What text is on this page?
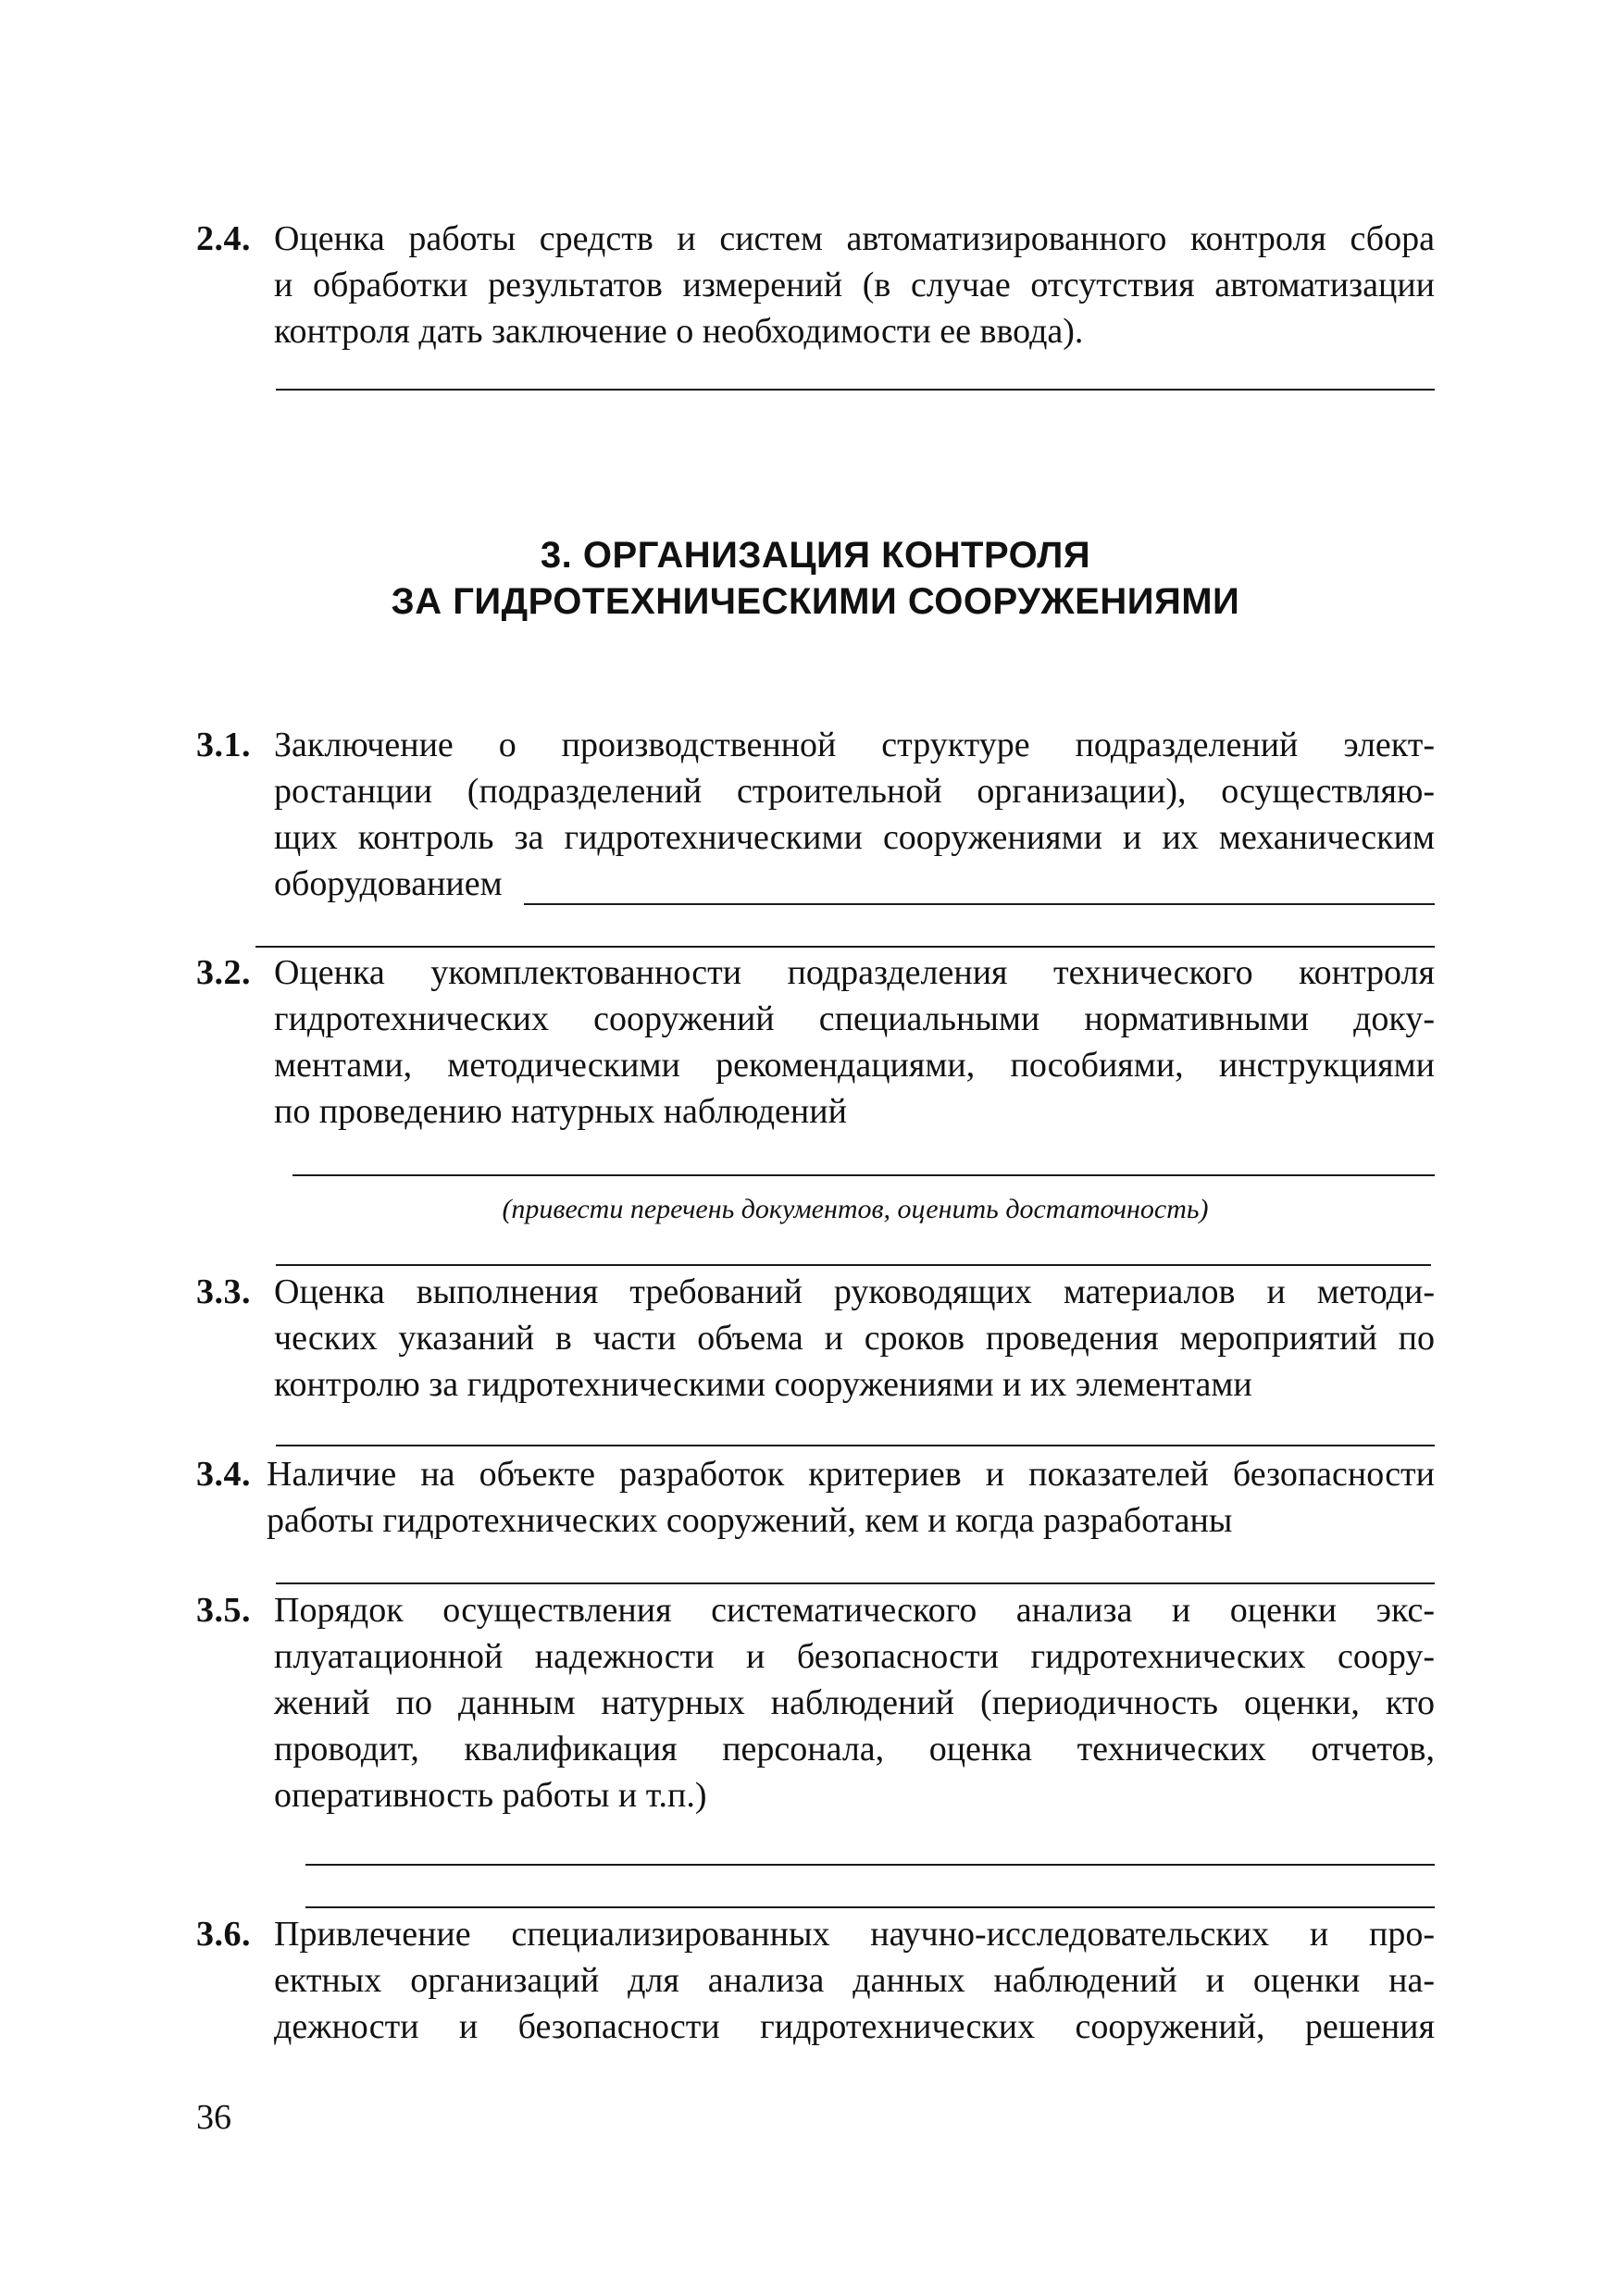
2.4. Оценка работы средств и систем автоматизированного контроля сбора
и обработки результатов измерений (в случае отсутствия автоматизации
контроля дать заключение о необходимости ее ввода).
3. ОРГАНИЗАЦИЯ КОНТРОЛЯ
ЗА ГИДРОТЕХНИЧЕСКИМИ СООРУЖЕНИЯМИ
3.1. Заключение о производственной структуре подразделений элект-
ростанции (подразделений строительной организации), осуществляю-
щих контроль за гидротехническими сооружениями и их механическим
оборудованием
3.2. Оценка укомплектованности подразделения технического контроля
гидротехнических сооружений специальными нормативными доку-
ментами, методическими рекомендациями, пособиями, инструкциями
по проведению натурных наблюдений
(привести перечень документов, оценить достаточность)
3.3. Оценка выполнения требований руководящих материалов и методи-
ческих указаний в части объема и сроков проведения мероприятий по
контролю за гидротехническими сооружениями и их элементами
3.4. Наличие на объекте разработок критериев и показателей безопасности
работы гидротехнических сооружений, кем и когда разработаны
3.5. Порядок осуществления систематического анализа и оценки экс-
плуатационной надежности и безопасности гидротехнических соору-
жений по данным натурных наблюдений (периодичность оценки, кто
проводит, квалификация персонала, оценка технических отчетов,
оперативность работы и т.п.)
3.6. Привлечение специализированных научно-исследовательских и про-
ектных организаций для анализа данных наблюдений и оценки на-
дежности и безопасности гидротехнических сооружений, решения
36
